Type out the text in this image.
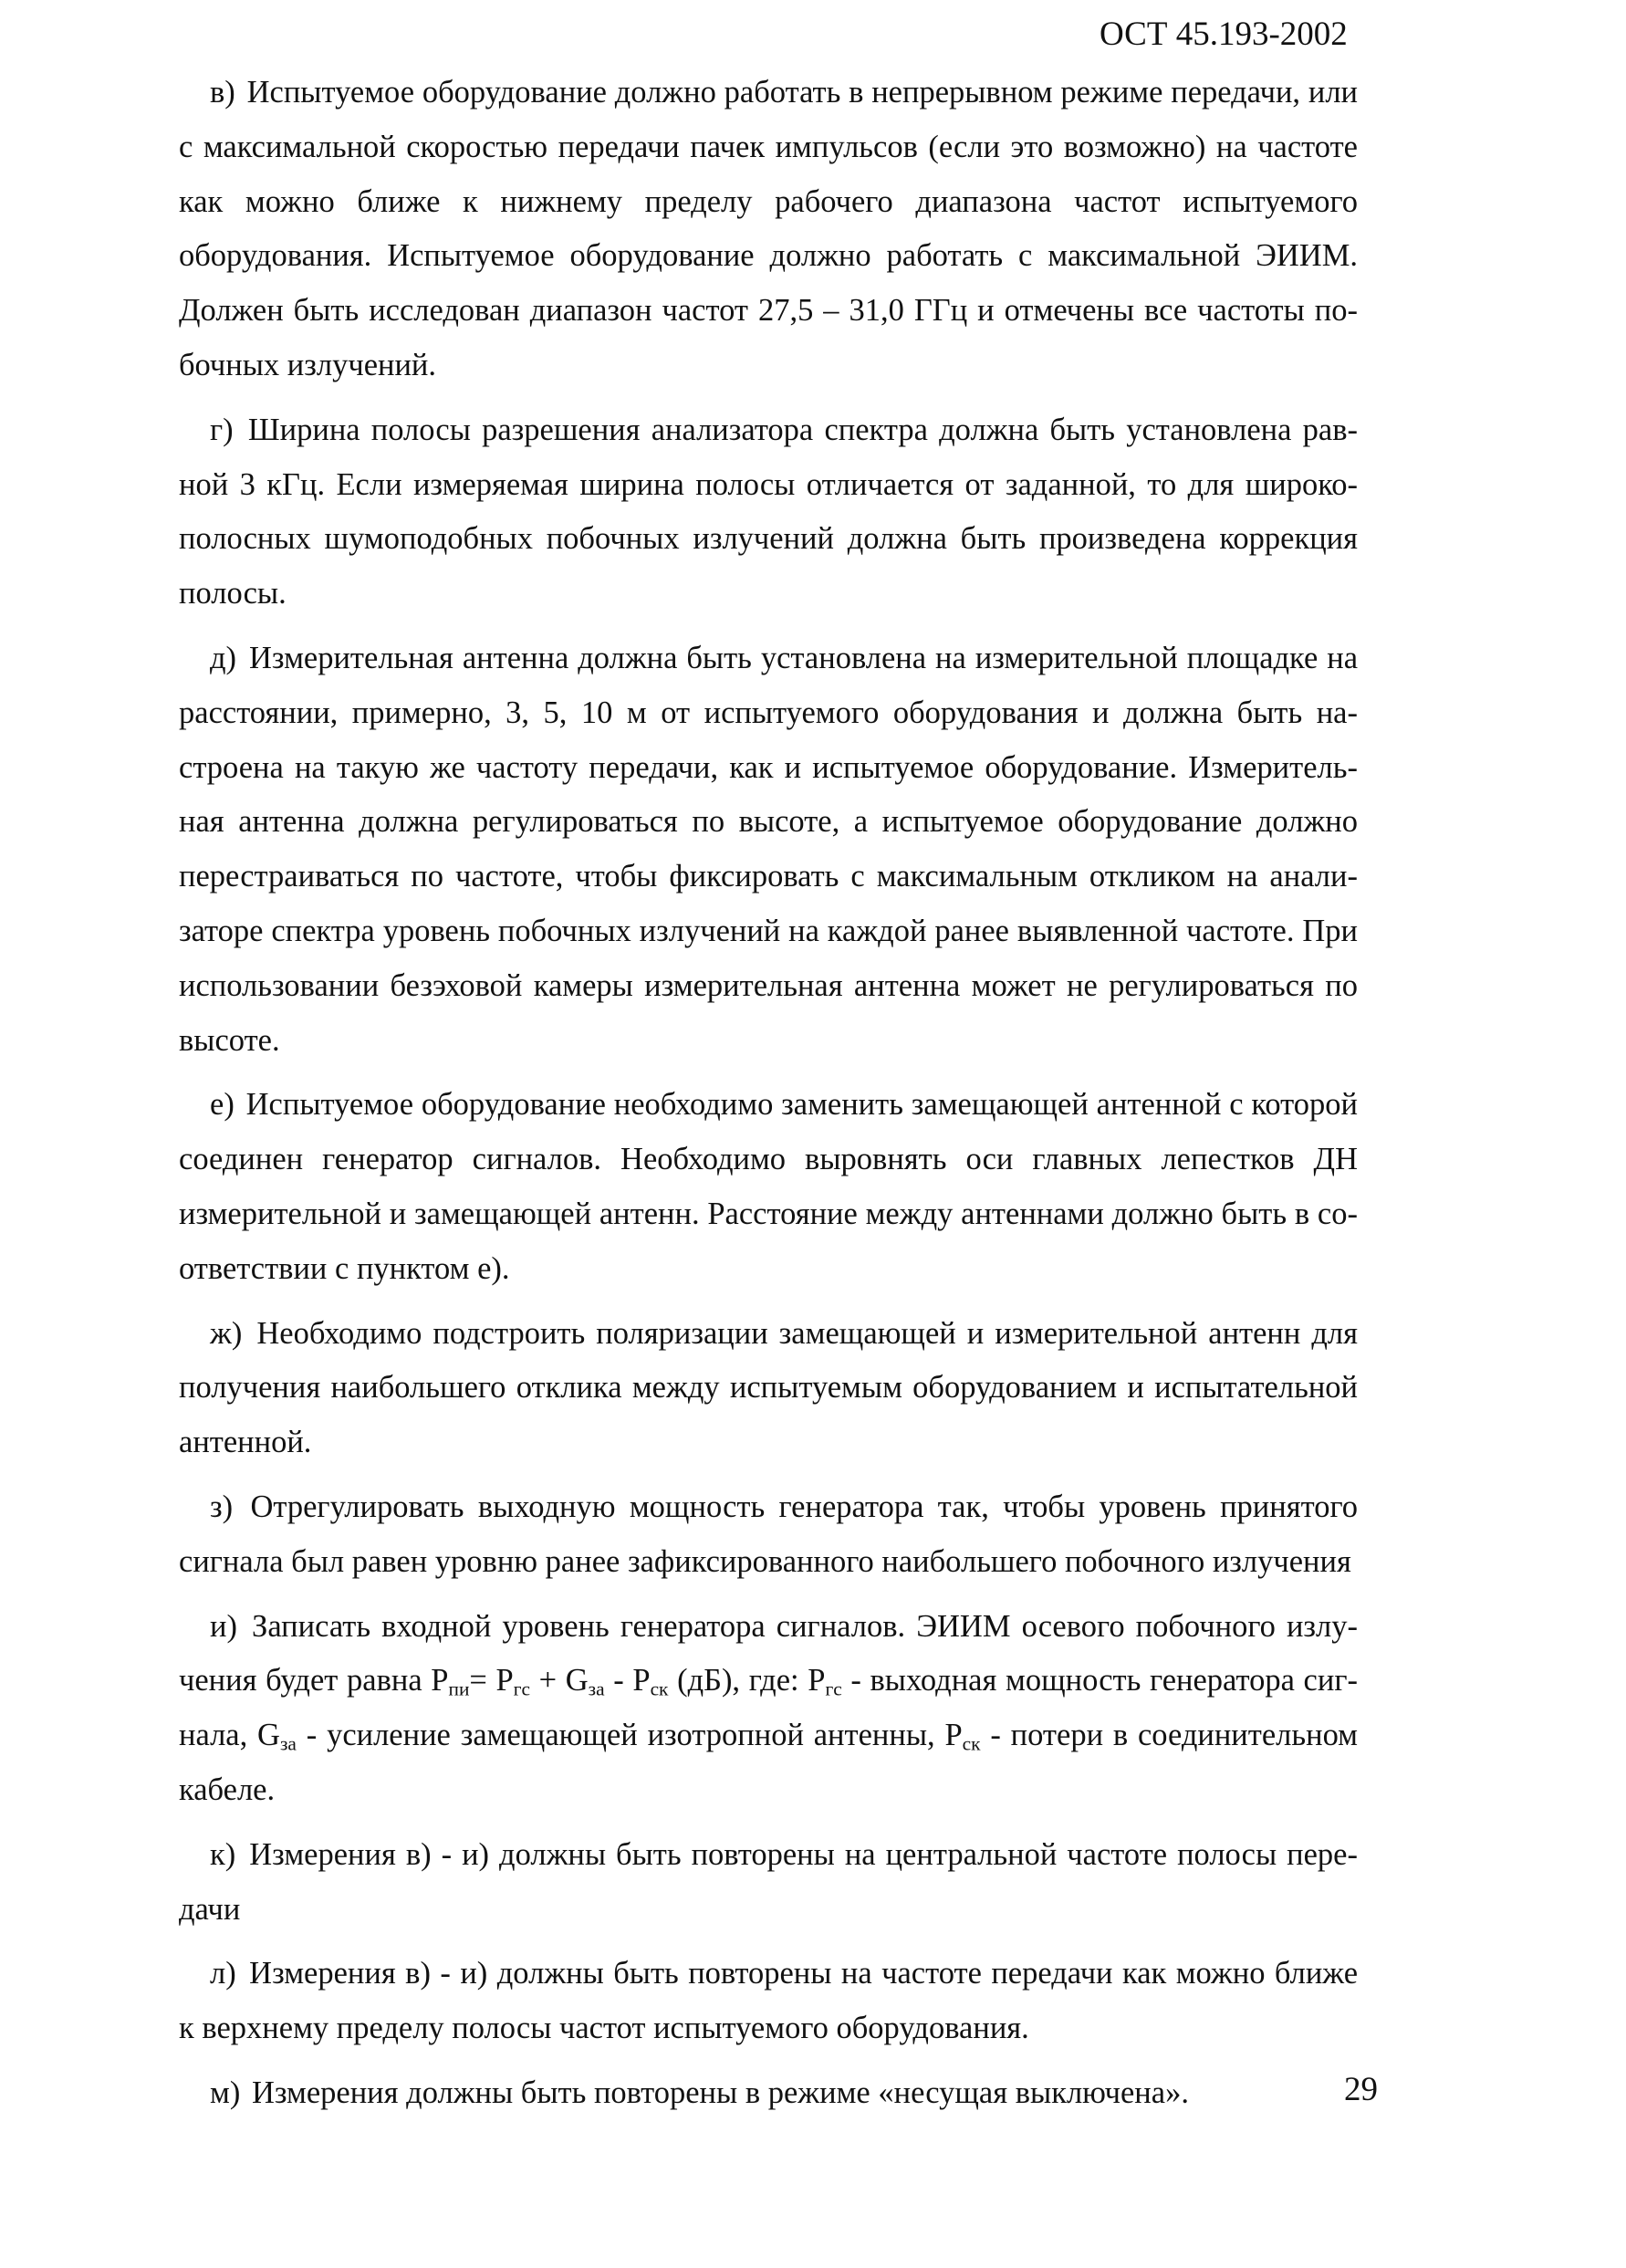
ОСТ 45.193-2002

в) Испытуемое оборудование должно работать в непрерывном режиме передачи, или с максимальной скоростью передачи пачек импульсов (если это возможно) на частоте как можно ближе к нижнему пределу рабочего диапазона частот испытуемого оборудования. Испытуемое оборудование должно работать с максимальной ЭИИМ. Должен быть исследован диапазон частот 27,5 – 31,0 ГГц и отмечены все частоты побочных излучений.

г) Ширина полосы разрешения анализатора спектра должна быть установлена равной 3 кГц. Если измеряемая ширина полосы отличается от заданной, то для широкополосных шумоподобных побочных излучений должна быть произведена коррекция полосы.

д) Измерительная антенна должна быть установлена на измерительной площадке на расстоянии, примерно, 3, 5, 10 м от испытуемого оборудования и должна быть настроена на такую же частоту передачи, как и испытуемое оборудование. Измерительная антенна должна регулироваться по высоте, а испытуемое оборудование должно перестраиваться по частоте, чтобы фиксировать с максимальным откликом на анализаторе спектра уровень побочных излучений на каждой ранее выявленной частоте. При использовании безэховой камеры измерительная антенна может не регулироваться по высоте.

е) Испытуемое оборудование необходимо заменить замещающей антенной с которой соединен генератор сигналов. Необходимо выровнять оси главных лепестков ДН измерительной и замещающей антенн. Расстояние между антеннами должно быть в соответствии с пунктом е).

ж) Необходимо подстроить поляризации замещающей и измерительной антенн для получения наибольшего отклика между испытуемым оборудованием и испытательной антенной.

з) Отрегулировать выходную мощность генератора так, чтобы уровень принятого сигнала был равен уровню ранее зафиксированного наибольшего побочного излучения

и) Записать входной уровень генератора сигналов. ЭИИМ осевого побочного излучения будет равна $P_{пи}= P_{гс} + G_{за} - P_{ск}$ (дБ), где: $P_{гс}$ - выходная мощность генератора сигнала, $G_{за}$ - усиление замещающей изотропной антенны, $P_{ск}$ - потери в соединительном кабеле.

к) Измерения в) - и) должны быть повторены на центральной частоте полосы передачи

л) Измерения в) - и) должны быть повторены на частоте передачи как можно ближе к верхнему пределу полосы частот испытуемого оборудования.

м) Измерения должны быть повторены в режиме «несущая выключена».	29
